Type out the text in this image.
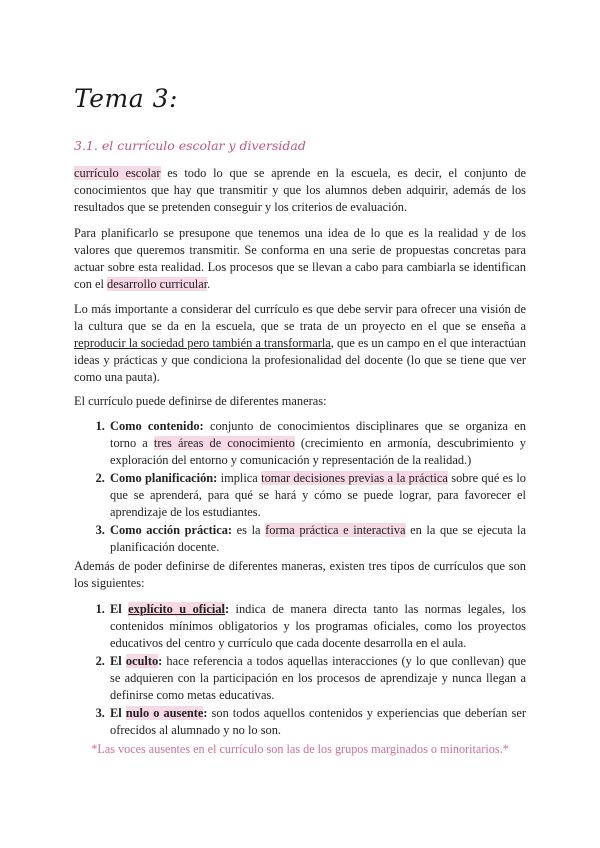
Tema 3:
3.1. el currículo escolar y diversidad
currículo escolar es todo lo que se aprende en la escuela, es decir, el conjunto de conocimientos que hay que transmitir y que los alumnos deben adquirir, además de los resultados que se pretenden conseguir y los criterios de evaluación.
Para planificarlo se presupone que tenemos una idea de lo que es la realidad y de los valores que queremos transmitir. Se conforma en una serie de propuestas concretas para actuar sobre esta realidad. Los procesos que se llevan a cabo para cambiarla se identifican con el desarrollo curricular.
Lo más importante a considerar del currículo es que debe servir para ofrecer una visión de la cultura que se da en la escuela, que se trata de un proyecto en el que se enseña a reproducir la sociedad pero también a transformarla, que es un campo en el que interactúan ideas y prácticas y que condiciona la profesionalidad del docente (lo que se tiene que ver como una pauta).
El currículo puede definirse de diferentes maneras:
1. Como contenido: conjunto de conocimientos disciplinares que se organiza en torno a tres áreas de conocimiento (crecimiento en armonía, descubrimiento y exploración del entorno y comunicación y representación de la realidad.)
2. Como planificación: implica tomar decisiones previas a la práctica sobre qué es lo que se aprenderá, para qué se hará y cómo se puede lograr, para favorecer el aprendizaje de los estudiantes.
3. Como acción práctica: es la forma práctica e interactiva en la que se ejecuta la planificación docente.
Además de poder definirse de diferentes maneras, existen tres tipos de currículos que son los siguientes:
1. El explícito u oficial: indica de manera directa tanto las normas legales, los contenidos mínimos obligatorios y los programas oficiales, como los proyectos educativos del centro y currículo que cada docente desarrolla en el aula.
2. El oculto: hace referencia a todos aquellas interacciones (y lo que conllevan) que se adquieren con la participación en los procesos de aprendizaje y nunca llegan a definirse como metas educativas.
3. El nulo o ausente: son todos aquellos contenidos y experiencias que deberían ser ofrecidos al alumnado y no lo son.
*Las voces ausentes en el currículo son las de los grupos marginados o minoritarios.*
